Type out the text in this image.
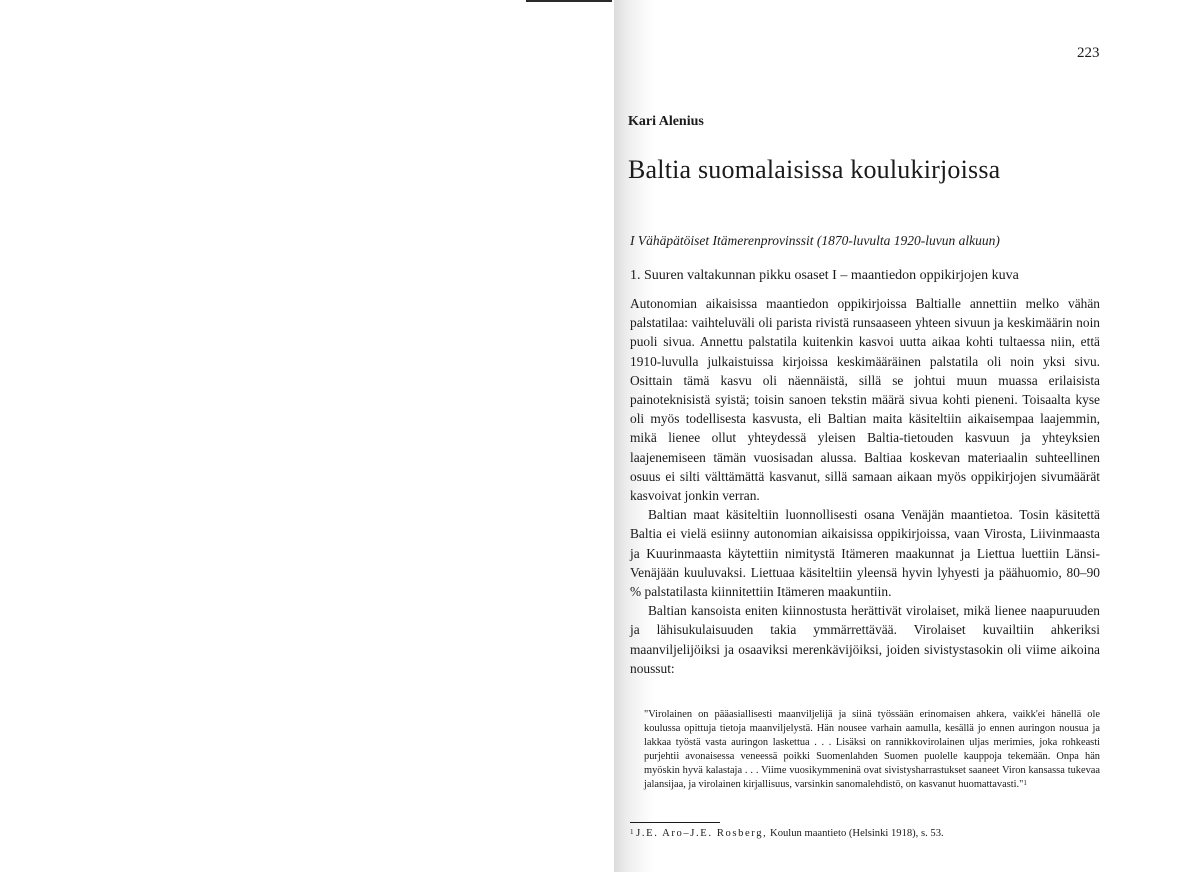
223
Kari Alenius
Baltia suomalaisissa koulukirjoissa
I Vähäpätöiset Itämerenprovinssit (1870-luvulta 1920-luvun alkuun)
1. Suuren valtakunnan pikku osaset I – maantiedon oppikirjojen kuva

Autonomian aikaisissa maantiedon oppikirjoissa Baltialle annettiin melko vähän palstatilaa: vaihteluväli oli parista rivistä runsaaseen yhteen sivuun ja keskimäärin noin puoli sivua. Annettu palstatila kuitenkin kasvoi uutta aikaa kohti tultaessa niin, että 1910-luvulla julkaistuissa kirjoissa keskimääräinen palstatila oli noin yksi sivu. Osittain tämä kasvu oli näennäistä, sillä se johtui muun muassa erilaisista painoteknisistä syistä; toisin sanoen tekstin määrä sivua kohti pieneni. Toisaalta kyse oli myös todellisesta kasvusta, eli Baltian maita käsiteltiin aikaisempaa laajemmin, mikä lienee ollut yhteydessä yleisen Baltia-tietouden kasvuun ja yhteyksien laajenemiseen tämän vuosisadan alussa. Baltiaa koskevan materiaalin suhteellinen osuus ei silti välttämättä kasvanut, sillä samaan aikaan myös oppikirjojen sivumäärät kasvoivat jonkin verran.

Baltian maat käsiteltiin luonnollisesti osana Venäjän maantietoa. Tosin käsitettä Baltia ei vielä esiinny autonomian aikaisissa oppikirjoissa, vaan Virosta, Liivinmaasta ja Kuurinmaasta käytettiin nimitystä Itämeren maakunnat ja Liettua luettiin Länsi-Venäjään kuuluvaksi. Liettuaa käsiteltiin yleensä hyvin lyhyesti ja päähuomio, 80–90 % palstatilasta kiinnitettiin Itämeren maakuntiin.

Baltian kansoista eniten kiinnostusta herättivät virolaiset, mikä lienee naapuruuden ja lähisukulaisuuden takia ymmärrettävää. Virolaiset kuvailtiin ahkeriksi maanviljelijöiksi ja osaaviksi merenkävijöiksi, joiden sivistystasokin oli viime aikoina noussut:

"Virolainen on pääasiallisesti maanviljelijä ja siinä työssään erinomaisen ahkera, vaikk'ei hänellä ole koulussa opittuja tietoja maanviljelystä. Hän nousee varhain aamulla, kesällä jo ennen auringon nousua ja lakkaa työstä vasta auringon laskettua . . . Lisäksi on rannikkovirolainen uljas merimies, joka rohkeasti purjehtii avonaisessa veneessä poikki Suomenlahden Suomen puolelle kauppoja tekemään. Onpa hän myöskin hyvä kalastaja . . . Viime vuosikymmeninä ovat sivistysharrastukset saaneet Viron kansassa tukevaa jalansijaa, ja virolainen kirjallisuus, varsinkin sanomalehdistö, on kasvanut huomattavasti."$^1$
$^1$ J.E. Aro–J.E. Rosberg, Koulun maantieto (Helsinki 1918), s. 53.
